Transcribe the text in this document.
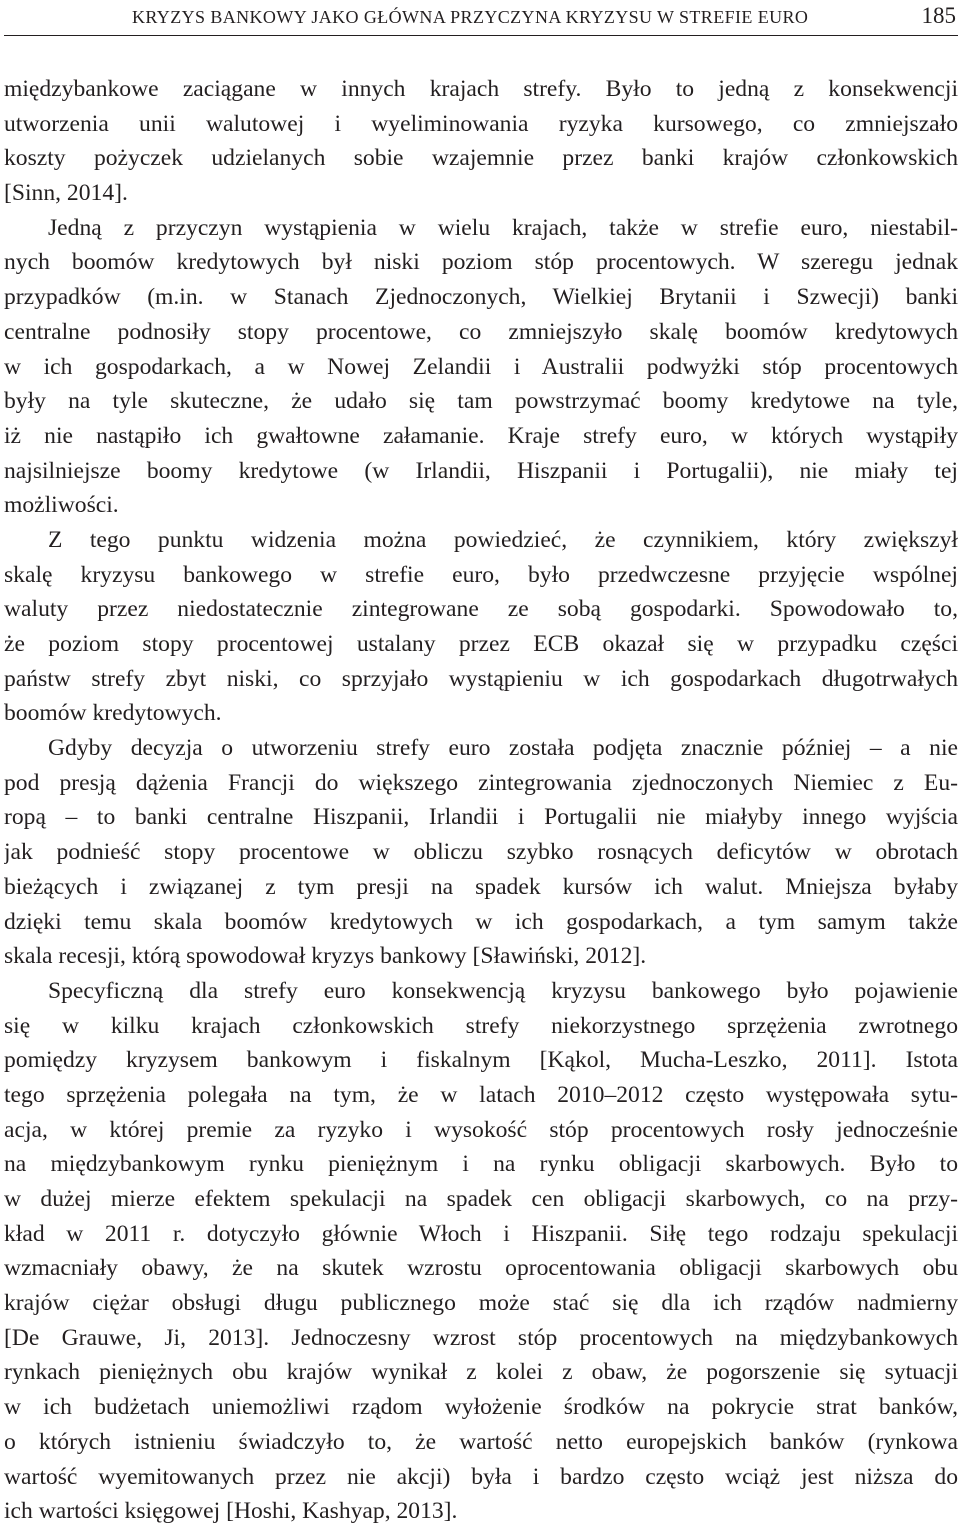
KRYZYS BANKOWY JAKO GŁÓWNA PRZYCZYNA KRYZYSU W STREFIE EURO	185

międzybankowe zaciągane w innych krajach strefy. Było to jedną z konsekwencji
utworzenia unii walutowej i wyeliminowania ryzyka kursowego, co zmniejszało
koszty pożyczek udzielanych sobie wzajemnie przez banki krajów członkowskich
[Sinn, 2014].

Jedną z przyczyn wystąpienia w wielu krajach, także w strefie euro, niestabil-
nych boomów kredytowych był niski poziom stóp procentowych. W szeregu jednak
przypadków (m.in. w Stanach Zjednoczonych, Wielkiej Brytanii i Szwecji) banki
centralne podnosiły stopy procentowe, co zmniejszyło skalę boomów kredytowych
w ich gospodarkach, a w Nowej Zelandii i Australii podwyżki stóp procentowych
były na tyle skuteczne, że udało się tam powstrzymać boomy kredytowe na tyle,
iż nie nastąpiło ich gwałtowne załamanie. Kraje strefy euro, w których wystąpiły
najsilniejsze boomy kredytowe (w Irlandii, Hiszpanii i Portugalii), nie miały tej
możliwości.

Z tego punktu widzenia można powiedzieć, że czynnikiem, który zwiększył
skalę kryzysu bankowego w strefie euro, było przedwczesne przyjęcie wspólnej
waluty przez niedostatecznie zintegrowane ze sobą gospodarki. Spowodowało to,
że poziom stopy procentowej ustalany przez ECB okazał się w przypadku części
państw strefy zbyt niski, co sprzyjało wystąpieniu w ich gospodarkach długotrwałych
boomów kredytowych.

Gdyby decyzja o utworzeniu strefy euro została podjęta znacznie później – a nie
pod presją dążenia Francji do większego zintegrowania zjednoczonych Niemiec z Eu-
ropą – to banki centralne Hiszpanii, Irlandii i Portugalii nie miałyby innego wyjścia
jak podnieść stopy procentowe w obliczu szybko rosnących deficytów w obrotach
bieżących i związanej z tym presji na spadek kursów ich walut. Mniejsza byłaby
dzięki temu skala boomów kredytowych w ich gospodarkach, a tym samym także
skala recesji, którą spowodował kryzys bankowy [Sławiński, 2012].

Specyficzną dla strefy euro konsekwencją kryzysu bankowego było pojawienie
się w kilku krajach członkowskich strefy niekorzystnego sprzężenia zwrotnego
pomiędzy kryzysem bankowym i fiskalnym [Kąkol, Mucha-Leszko, 2011]. Istota
tego sprzężenia polegała na tym, że w latach 2010–2012 często występowała sytu-
acja, w której premie za ryzyko i wysokość stóp procentowych rosły jednocześnie
na międzybankowym rynku pieniężnym i na rynku obligacji skarbowych. Było to
w dużej mierze efektem spekulacji na spadek cen obligacji skarbowych, co na przy-
kład w 2011 r. dotyczyło głównie Włoch i Hiszpanii. Siłę tego rodzaju spekulacji
wzmacniały obawy, że na skutek wzrostu oprocentowania obligacji skarbowych obu
krajów ciężar obsługi długu publicznego może stać się dla ich rządów nadmierny
[De Grauwe, Ji, 2013]. Jednoczesny wzrost stóp procentowych na międzybankowych
rynkach pieniężnych obu krajów wynikał z kolei z obaw, że pogorszenie się sytuacji
w ich budżetach uniemożliwi rządom wyłożenie środków na pokrycie strat banków,
o których istnieniu świadczyło to, że wartość netto europejskich banków (rynkowa
wartość wyemitowanych przez nie akcji) była i bardzo często wciąż jest niższa do
ich wartości księgowej [Hoshi, Kashyap, 2013].
